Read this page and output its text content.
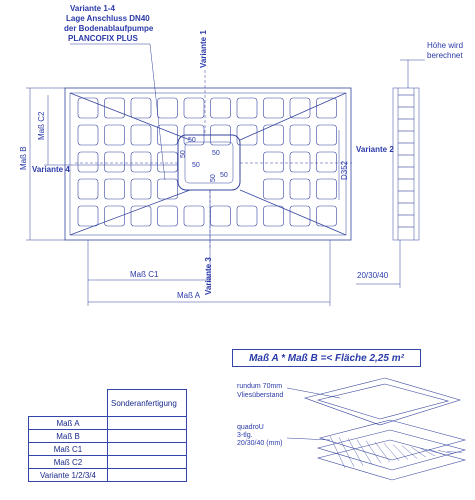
Variante 1-4
Lage Anschluss DN40
der Bodenablaufpumpe
PLANCOFIX PLUS
Höhe wird
berechnet
Variante 1
Variante 2
Variante 3
Variante 4
Maß B
Maß C2
D352
Maß C1
Maß A
20/30/40
50
50
50
50
50
50
Maß A * Maß B =< Fläche 2,25 m²
rundum 70mm
Vliesüberstand
quadroU
3-tlg.
20/30/40 (mm)
	Sonderanfertigung
Maß A	
Maß B	
Maß C1	
Maß C2	
Variante 1/2/3/4	
